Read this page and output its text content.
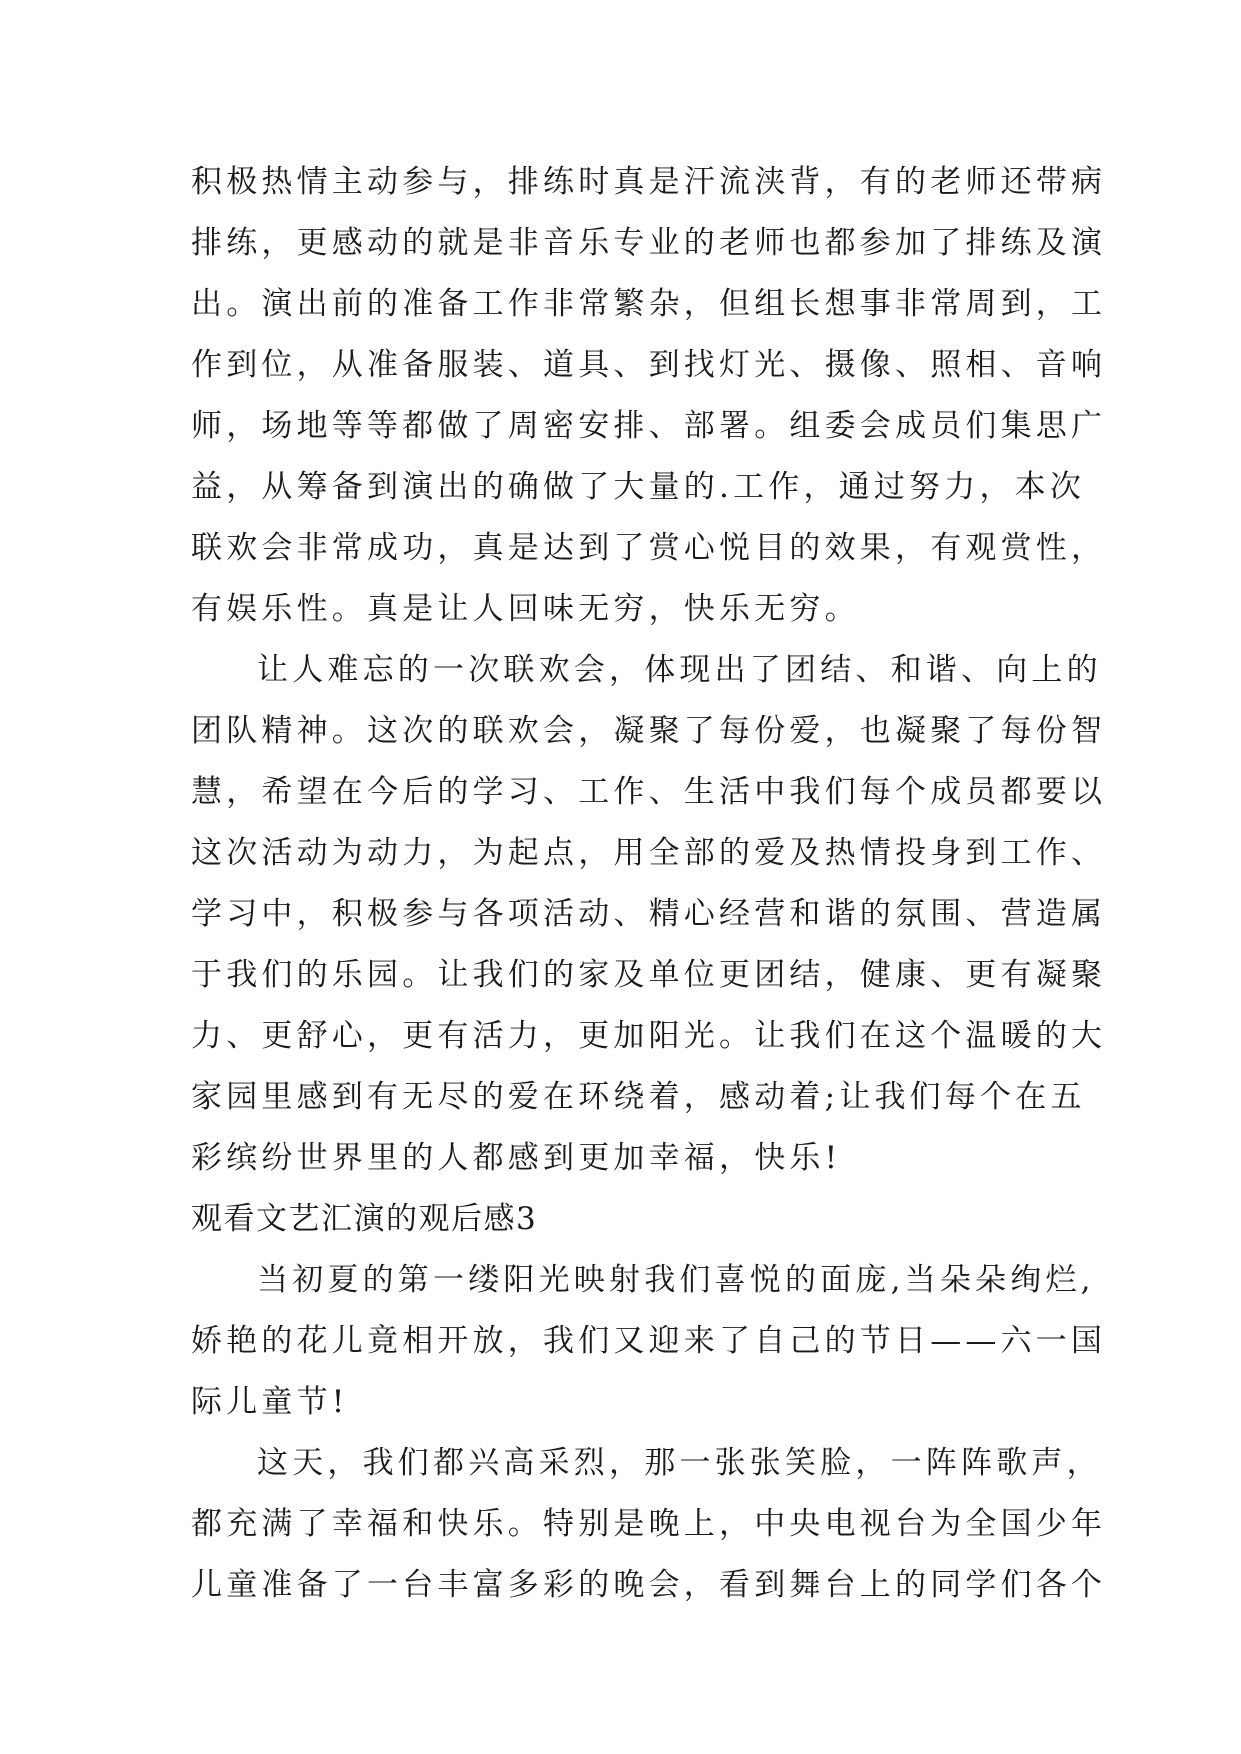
积极热情主动参与，排练时真是汗流浃背，有的老师还带病
排练，更感动的就是非音乐专业的老师也都参加了排练及演
出。演出前的准备工作非常繁杂，但组长想事非常周到，工
作到位，从准备服装、道具、到找灯光、摄像、照相、音响
师，场地等等都做了周密安排、部署。组委会成员们集思广
益，从筹备到演出的确做了大量的.工作，通过努力，本次
联欢会非常成功，真是达到了赏心悦目的效果，有观赏性，
有娱乐性。真是让人回味无穷，快乐无穷。
让人难忘的一次联欢会，体现出了团结、和谐、向上的
团队精神。这次的联欢会，凝聚了每份爱，也凝聚了每份智
慧，希望在今后的学习、工作、生活中我们每个成员都要以
这次活动为动力，为起点，用全部的爱及热情投身到工作、
学习中，积极参与各项活动、精心经营和谐的氛围、营造属
于我们的乐园。让我们的家及单位更团结，健康、更有凝聚
力、更舒心，更有活力，更加阳光。让我们在这个温暖的大
家园里感到有无尽的爱在环绕着，感动着;让我们每个在五
彩缤纷世界里的人都感到更加幸福，快乐!
观看文艺汇演的观后感3
当初夏的第一缕阳光映射我们喜悦的面庞,当朵朵绚烂,
娇艳的花儿竟相开放，我们又迎来了自己的节日——六一国
际儿童节!
这天，我们都兴高采烈，那一张张笑脸，一阵阵歌声，
都充满了幸福和快乐。特别是晚上，中央电视台为全国少年
儿童准备了一台丰富多彩的晚会，看到舞台上的同学们各个
